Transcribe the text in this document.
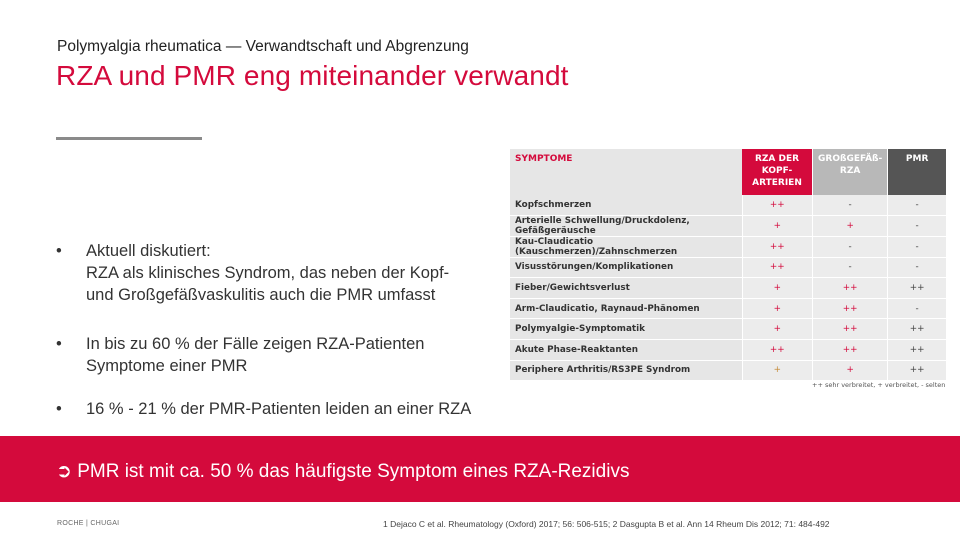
Polymyalgia rheumatica — Verwandtschaft und Abgrenzung
RZA und PMR eng miteinander verwandt
• Aktuell diskutiert:
RZA als klinisches Syndrom, das neben der Kopf-
und Großgefäßvaskulitis auch die PMR umfasst
• In bis zu 60 % der Fälle zeigen RZA-Patienten
Symptome einer PMR
• 16 % - 21 % der PMR-Patienten leiden an einer RZA
SYMPTOME	RZA DER KOPF-ARTERIEN	GROßGEFÄß-RZA	PMR
Kopfschmerzen	++	-	-
Arterielle Schwellung/Druckdolenz, Gefäßgeräusche	+	+	-
Kau-Claudicatio (Kauschmerzen)/Zahnschmerzen	++	-	-
Visusstörungen/Komplikationen	++	-	-
Fieber/Gewichtsverlust	+	++	++
Arm-Claudicatio, Raynaud-Phänomen	+	++	-
Polymyalgie-Symptomatik	+	++	++
Akute Phase-Reaktanten	++	++	++
Periphere Arthritis/RS3PE Syndrom	+	+	++
++ sehr verbreitet, + verbreitet, - selten
➲ PMR ist mit ca. 50 % das häufigste Symptom eines RZA-Rezidivs
ROCHE | CHUGAI	1 Dejaco C et al. Rheumatology (Oxford) 2017; 56: 506-515; 2 Dasgupta B et al. Ann 14 Rheum Dis 2012; 71: 484-492
